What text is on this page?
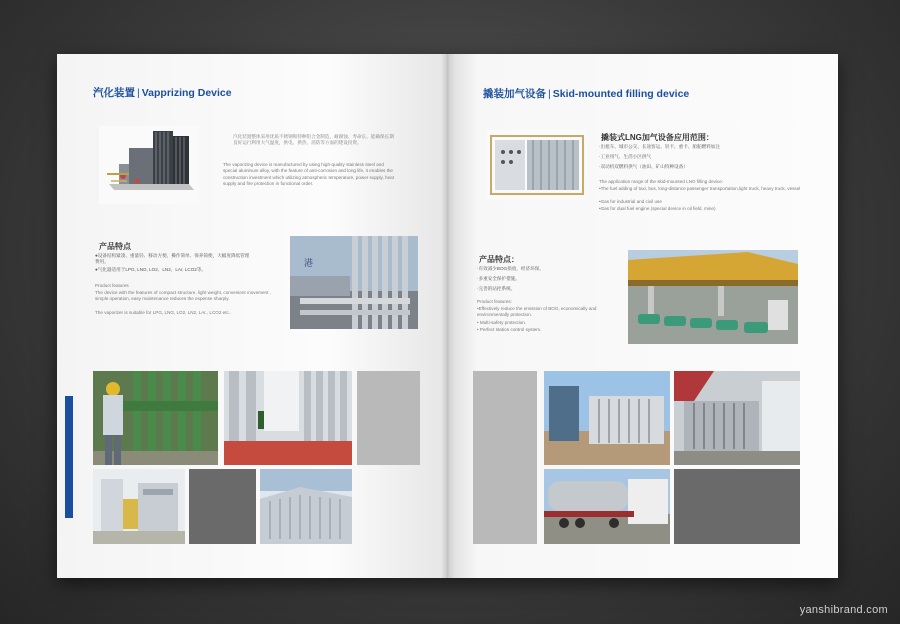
汽化装置 | Vapprizing Device
汽化装置整体采用优质不锈钢和特种铝合金制造，耐腐蚀、寿命长、能确保长期良好运行利用大气温度，供电、供热、消防等方面的建设投资。
The vaporizing device is manufactured by using high-quality stainless steel and special aluminum alloy, with the feature of anti-corrosion and long life, it enables the construction investment which utilizing atmospheric temperature, power supply, heat supply and fire protection in functional order.
产品特点
●设备结构紧凑、重量轻、移动方便、操作简单、保养简便，大幅度降低管理费用。
●气化器适用于LPG, LNG, LO2、LN2、LAr, LCO2等。
Product features
The device with the features of compact structure, light weight, convenient movement , simple operation, easy maintenance reduces the expense sharply.
The vaporizer is suitable for LPG, LNG, LO2, LN2, LAr., LCO2 etc..
港
撬装加气设备 | Skid-mounted filling device
撬装式LNG加气设备应用范围：
·出租车、城市公交、长途客运、轻卡、重卡、船舶燃料加注
·工业用气、生活小区供气
·双动机双燃料供气（油田、矿山特种设备）
The application range of the skid-mounted LNG filling device:
•The fuel adding of taxi, bus, long-distance passenger transportation,light truck, heavy truck, vessel
•Gas for industrial and civil use
•Gas for dual fuel engine (special device in oil field, mine)
产品特点：
·有效减少BOG损放，经济环保。
·多重安全保护措施。
·完善的站控系统。
Product features:
•Effectively reduce the emission of BOG, economically and environmentally protection.
• Multi-safety protection.
• Perfect station control system.
yanshibrand.com
